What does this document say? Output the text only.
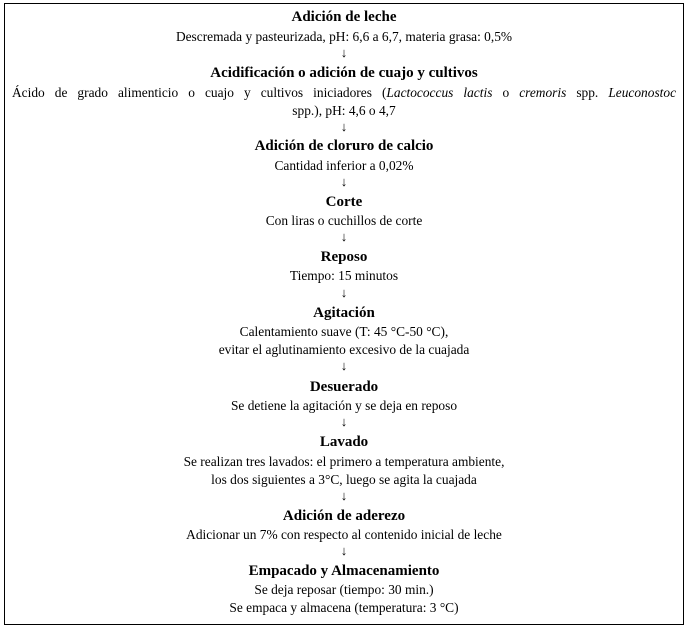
Adición de leche
Descremada y pasteurizada, pH: 6,6 a 6,7, materia grasa: 0,5%
↓
Acidificación o adición de cuajo y cultivos
Ácido de grado alimenticio o cuajo y cultivos iniciadores (Lactococcus lactis o cremoris spp. Leuconostoc
spp.), pH: 4,6 o 4,7
↓
Adición de cloruro de calcio
Cantidad inferior a 0,02%
↓
Corte
Con liras o cuchillos de corte
↓
Reposo
Tiempo: 15 minutos
↓
Agitación
Calentamiento suave (T: 45 °C-50 °C),
evitar el aglutinamiento excesivo de la cuajada
↓
Desuerado
Se detiene la agitación y se deja en reposo
↓
Lavado
Se realizan tres lavados: el primero a temperatura ambiente,
los dos siguientes a 3°C, luego se agita la cuajada
↓
Adición de aderezo
Adicionar un 7% con respecto al contenido inicial de leche
↓
Empacado y Almacenamiento
Se deja reposar (tiempo: 30 min.)
Se empaca y almacena (temperatura: 3 °C)
